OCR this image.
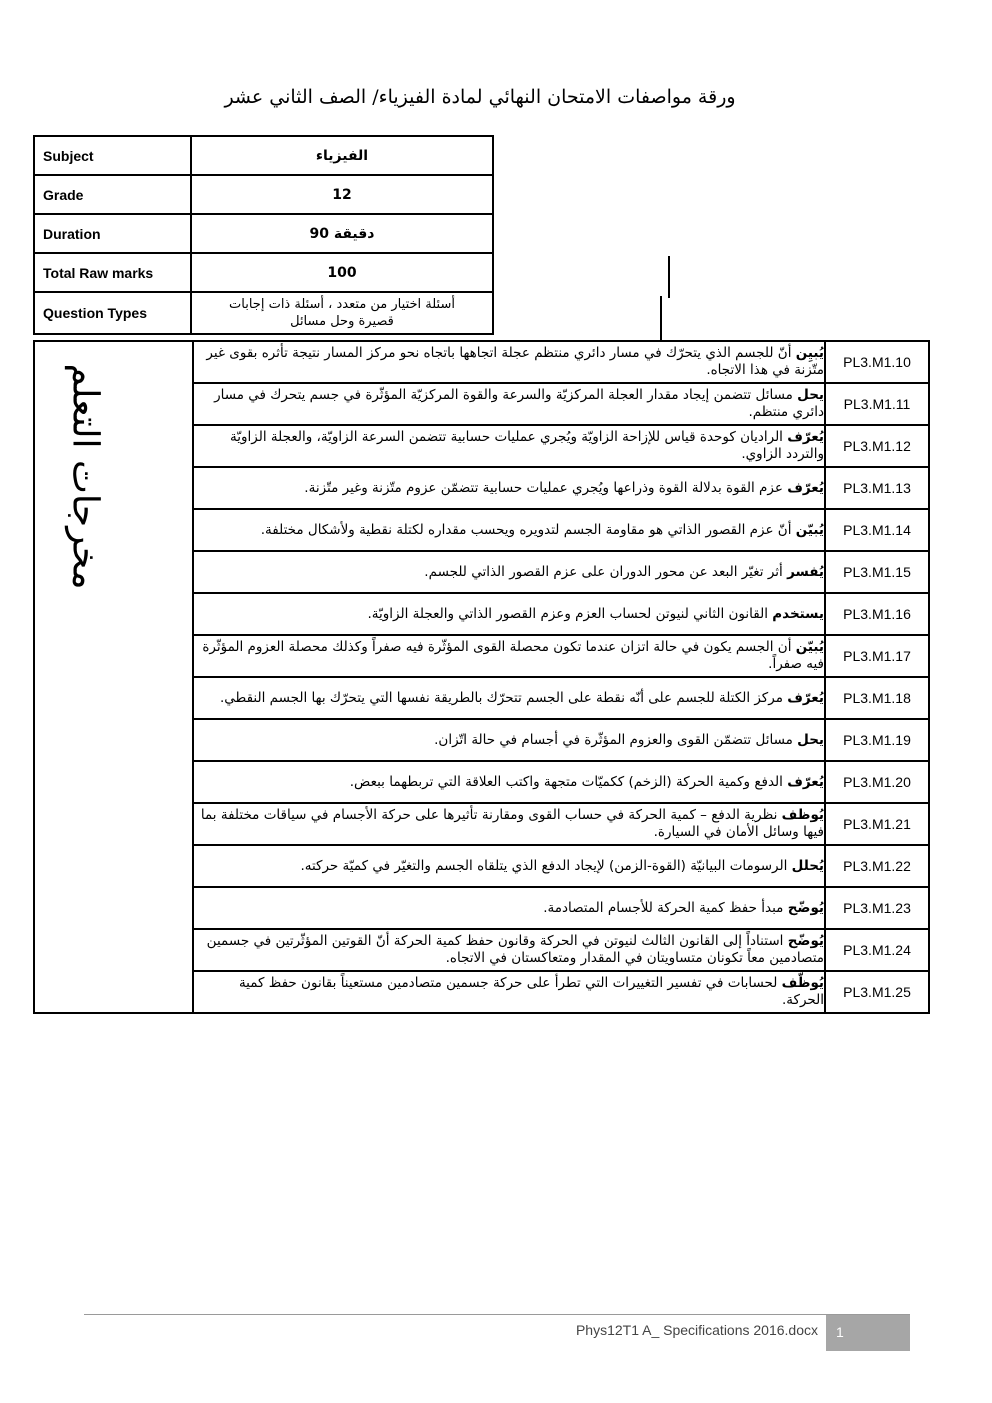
ورقة مواصفات الامتحان النهائي لمادة الفيزياء/ الصف الثاني عشر
Subject	الفيزياء
Grade	12
Duration	90 دقيقة
Total Raw marks	100
Question Types	أسئلة اختيار من متعدد ، أسئلة ذات إجابات قصيرة وحل مسائل
مخرجات التعلم	يُبيِن أنّ للجسم الذي يتحرّك في مسار دائري منتظم عجلة اتجاهها باتجاه نحو مركز المسار نتيجة تأثره بقوى غير متّزنة في هذا الاتجاه.	PL3.M1.10
	يحل مسائل تتضمن إيجاد مقدار العجلة المركزيّة والسرعة والقوة المركزيّة المؤثّرة في جسم يتحرك في مسار دائري منتظم.	PL3.M1.11
	يُعرّف الراديان كوحدة قياس للإزاحة الزاويّة ويُجري عمليات حسابية تتضمن السرعة الزاويّة، والعجلة الزاويّة والتردد الزاوي.	PL3.M1.12
	يُعرّف عزم القوة بدلالة القوة وذراعها ويُجري عمليات حسابية تتضمّن عزوم متّزنة وغير متّزنة.	PL3.M1.13
	يُبيّن أنّ عزم القصور الذاتي هو مقاومة الجسم لتدويره ويحسب مقداره لكتلة نقطية ولأشكال مختلفة.	PL3.M1.14
	يُفسر أثر تغيّر البعد عن محور الدوران على عزم القصور الذاتي للجسم.	PL3.M1.15
	يستخدم القانون الثاني لنيوتن لحساب العزم وعزم القصور الذاتي والعجلة الزاويّة.	PL3.M1.16
	يُبيّن أن الجسم يكون في حالة اتزان عندما تكون محصلة القوى المؤثّرة فيه صفراً وكذلك محصلة العزوم المؤثّرة فيه صفراً.	PL3.M1.17
	يُعرّف مركز الكتلة للجسم على أنّه نقطة على الجسم تتحرّك بالطريقة نفسها التي يتحرّك بها الجسم النقطي.	PL3.M1.18
	يحل مسائل تتضمّن القوى والعزوم المؤثّرة في أجسام في حالة اتّزان.	PL3.M1.19
	يُعرّف الدفع وكمية الحركة (الزخم) ككميّات متجهة واكتب العلاقة التي تربطهما ببعض.	PL3.M1.20
	يُوظف نظرية الدفع – كمية الحركة في حساب القوى ومقارنة تأثيرها على حركة الأجسام في سياقات مختلفة بما فيها وسائل الأمان في السيارة.	PL3.M1.21
	يُحلل الرسومات البيانيّة (القوة-الزمن) لإيجاد الدفع الذي يتلقاه الجسم والتغيّر في كميّة حركته.	PL3.M1.22
	يُوضّح مبدأ حفظ كمية الحركة للأجسام المتصادمة.	PL3.M1.23
	يُوضّح استناداً إلى القانون الثالث لنيوتن في الحركة وقانون حفظ كمية الحركة أنّ القوتين المؤثّرتين في جسمين متصادمين معاً تكونان متساويتان في المقدار ومتعاكستان في الاتجاه.	PL3.M1.24
	يُوظّف لحسابات في تفسير التغييرات التي تطرأ على حركة جسمين متصادمين مستعيناً بقانون حفظ كمية الحركة.	PL3.M1.25
Phys12T1 A_ Specifications 2016.docx 1
